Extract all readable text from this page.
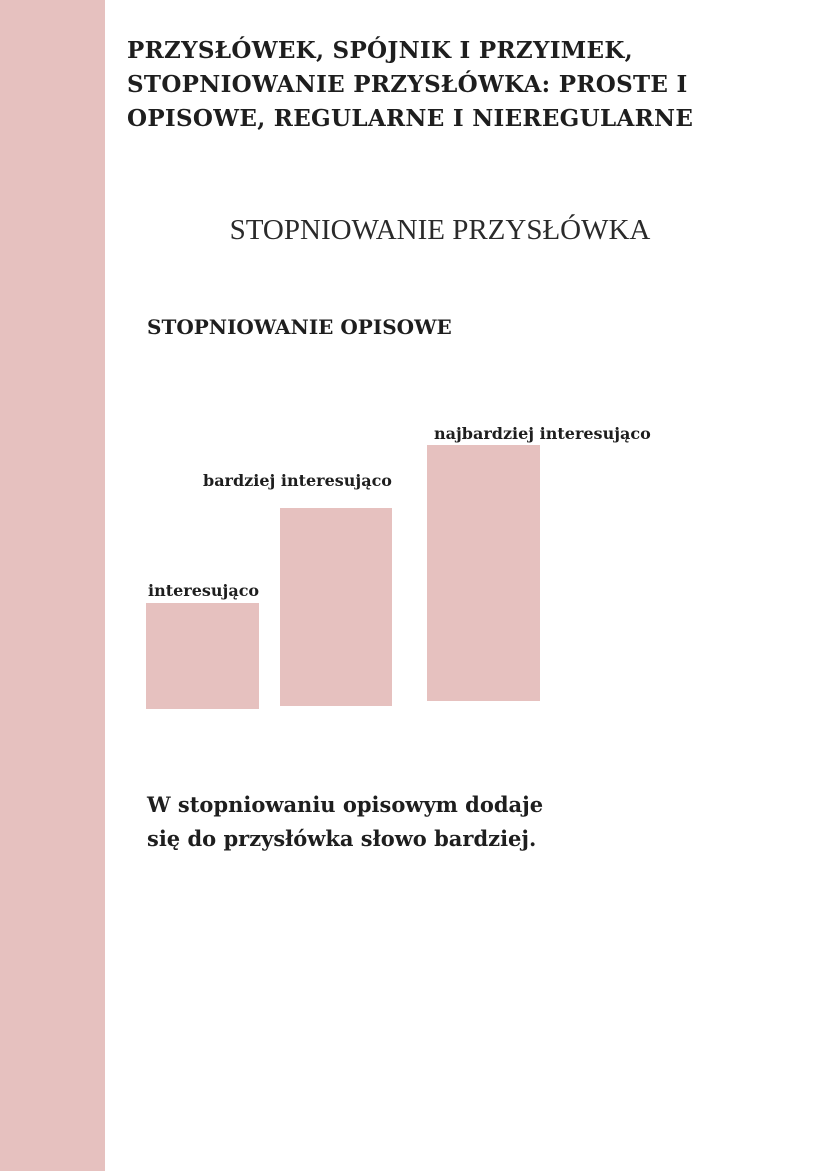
PRZYSŁÓWEK, SPÓJNIK I PRZYIMEK, STOPNIOWANIE PRZYSŁÓWKA: PROSTE I OPISOWE, REGULARNE I NIEREGULARNE
STOPNIOWANIE PRZYSŁÓWKA
STOPNIOWANIE OPISOWE
interesująco
bardziej interesująco
najbardziej interesująco

W stopniowaniu opisowym dodaje
się do przysłówka słowo bardziej.
